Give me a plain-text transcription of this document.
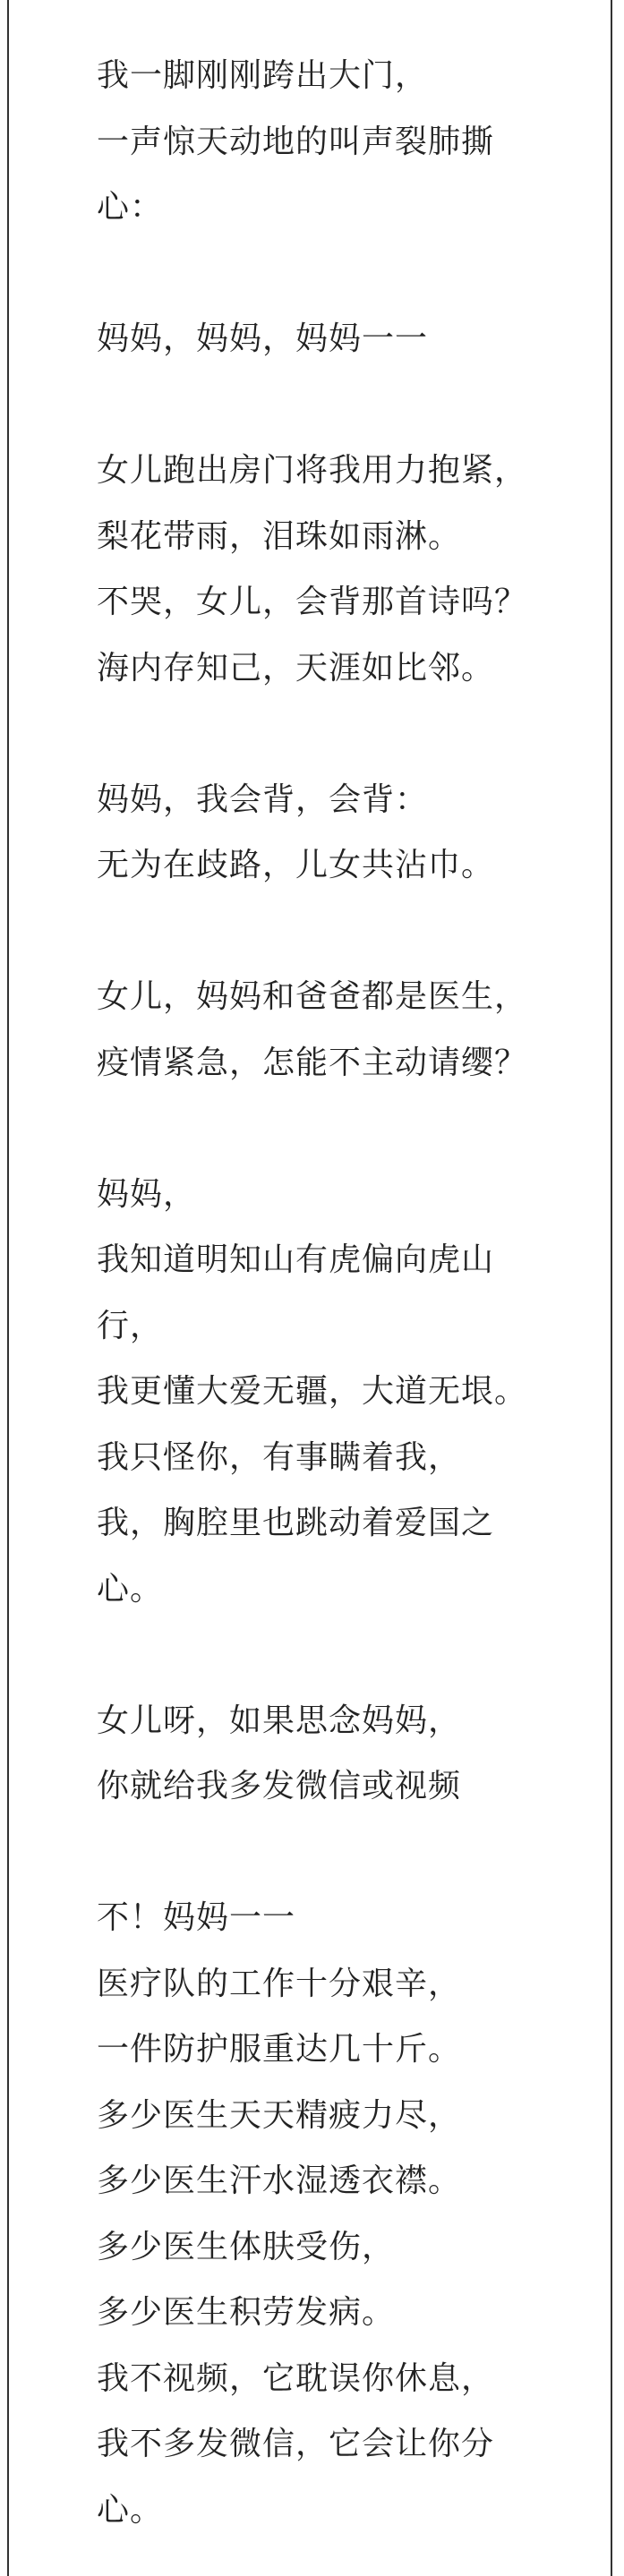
我一脚刚刚跨出大门，
一声惊天动地的叫声裂肺撕
心：
妈妈，妈妈，妈妈一一
女儿跑出房门将我用力抱紧，
梨花带雨，泪珠如雨淋。
不哭，女儿，会背那首诗吗？
海内存知己，天涯如比邻。
妈妈，我会背，会背：
无为在歧路，儿女共沾巾。
女儿，妈妈和爸爸都是医生，
疫情紧急，怎能不主动请缨？
妈妈，
我知道明知山有虎偏向虎山
行，
我更懂大爱无疆，大道无垠。
我只怪你，有事瞒着我，
我，胸腔里也跳动着爱国之
心。
女儿呀，如果思念妈妈，
你就给我多发微信或视频
不！妈妈一一
医疗队的工作十分艰辛，
一件防护服重达几十斤。
多少医生天天精疲力尽，
多少医生汗水湿透衣襟。
多少医生体肤受伤，
多少医生积劳发病。
我不视频，它耽误你休息，
我不多发微信，它会让你分
心。
